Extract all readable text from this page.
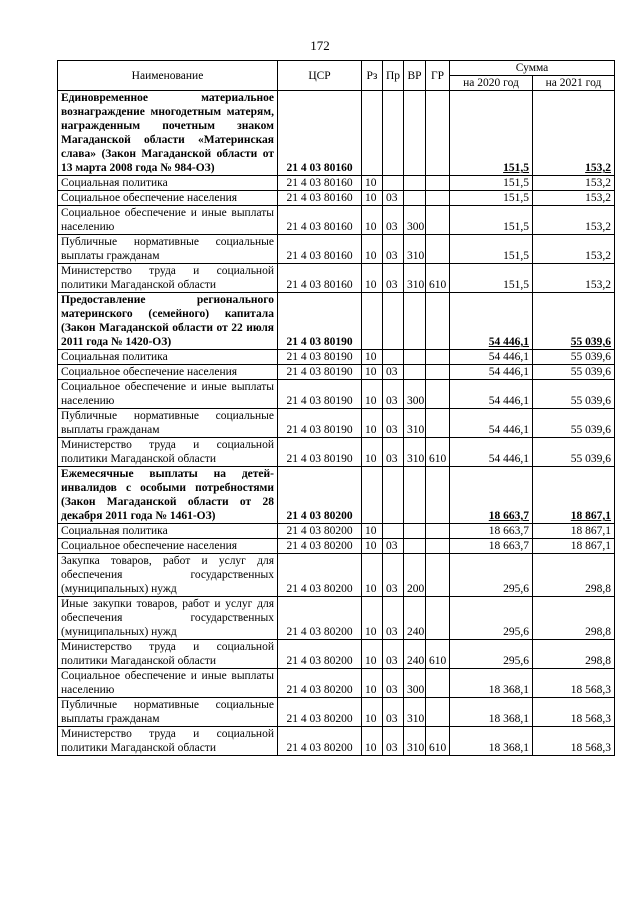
172
Наименование	ЦСР	Рз	Пр	ВР	ГР	Сумма	
						на 2020 год	на 2021 год
Единовременное материальное вознаграждение многодетным матерям, награжденным почетным знаком Магаданской области «Материнская слава» (Закон Магаданской области от 13 марта 2008 года № 984-ОЗ)	21 4 03 80160					151,5	153,2
Социальная политика	21 4 03 80160	10				151,5	153,2
Социальное обеспечение населения	21 4 03 80160	10	03			151,5	153,2
Социальное обеспечение и иные выплаты населению	21 4 03 80160	10	03	300		151,5	153,2
Публичные нормативные социальные выплаты гражданам	21 4 03 80160	10	03	310		151,5	153,2
Министерство труда и социальной политики Магаданской области	21 4 03 80160	10	03	310	610	151,5	153,2
Предоставление регионального материнского (семейного) капитала (Закон Магаданской области от 22 июля 2011 года № 1420-ОЗ)	21 4 03 80190					54 446,1	55 039,6
Социальная политика	21 4 03 80190	10				54 446,1	55 039,6
Социальное обеспечение населения	21 4 03 80190	10	03			54 446,1	55 039,6
Социальное обеспечение и иные выплаты населению	21 4 03 80190	10	03	300		54 446,1	55 039,6
Публичные нормативные социальные выплаты гражданам	21 4 03 80190	10	03	310		54 446,1	55 039,6
Министерство труда и социальной политики Магаданской области	21 4 03 80190	10	03	310	610	54 446,1	55 039,6
Ежемесячные выплаты на детей-инвалидов с особыми потребностями (Закон Магаданской области от 28 декабря 2011 года № 1461-ОЗ)	21 4 03 80200					18 663,7	18 867,1
Социальная политика	21 4 03 80200	10				18 663,7	18 867,1
Социальное обеспечение населения	21 4 03 80200	10	03			18 663,7	18 867,1
Закупка товаров, работ и услуг для обеспечения государственных (муниципальных) нужд	21 4 03 80200	10	03	200		295,6	298,8
Иные закупки товаров, работ и услуг для обеспечения государственных (муниципальных) нужд	21 4 03 80200	10	03	240		295,6	298,8
Министерство труда и социальной политики Магаданской области	21 4 03 80200	10	03	240	610	295,6	298,8
Социальное обеспечение и иные выплаты населению	21 4 03 80200	10	03	300		18 368,1	18 568,3
Публичные нормативные социальные выплаты гражданам	21 4 03 80200	10	03	310		18 368,1	18 568,3
Министерство труда и социальной политики Магаданской области	21 4 03 80200	10	03	310	610	18 368,1	18 568,3
